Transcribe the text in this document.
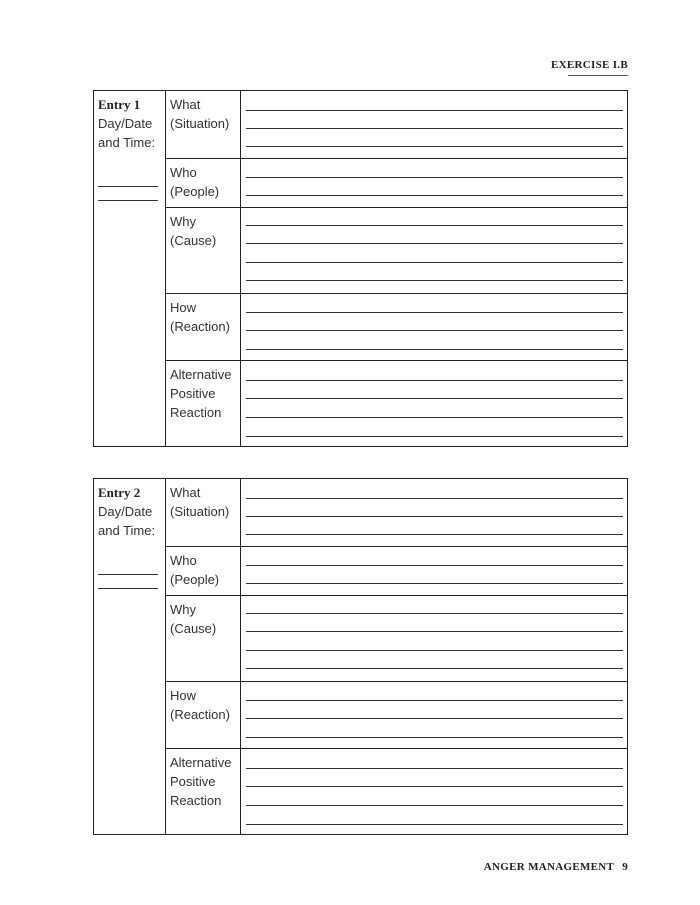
EXERCISE I.B
Entry 1
Day/Date
and Time:
What
(Situation)
Who
(People)
Why
(Cause)
How
(Reaction)
Alternative
Positive
Reaction
Entry 2
Day/Date
and Time:
What
(Situation)
Who
(People)
Why
(Cause)
How
(Reaction)
Alternative
Positive
Reaction
ANGER MANAGEMENT 9
